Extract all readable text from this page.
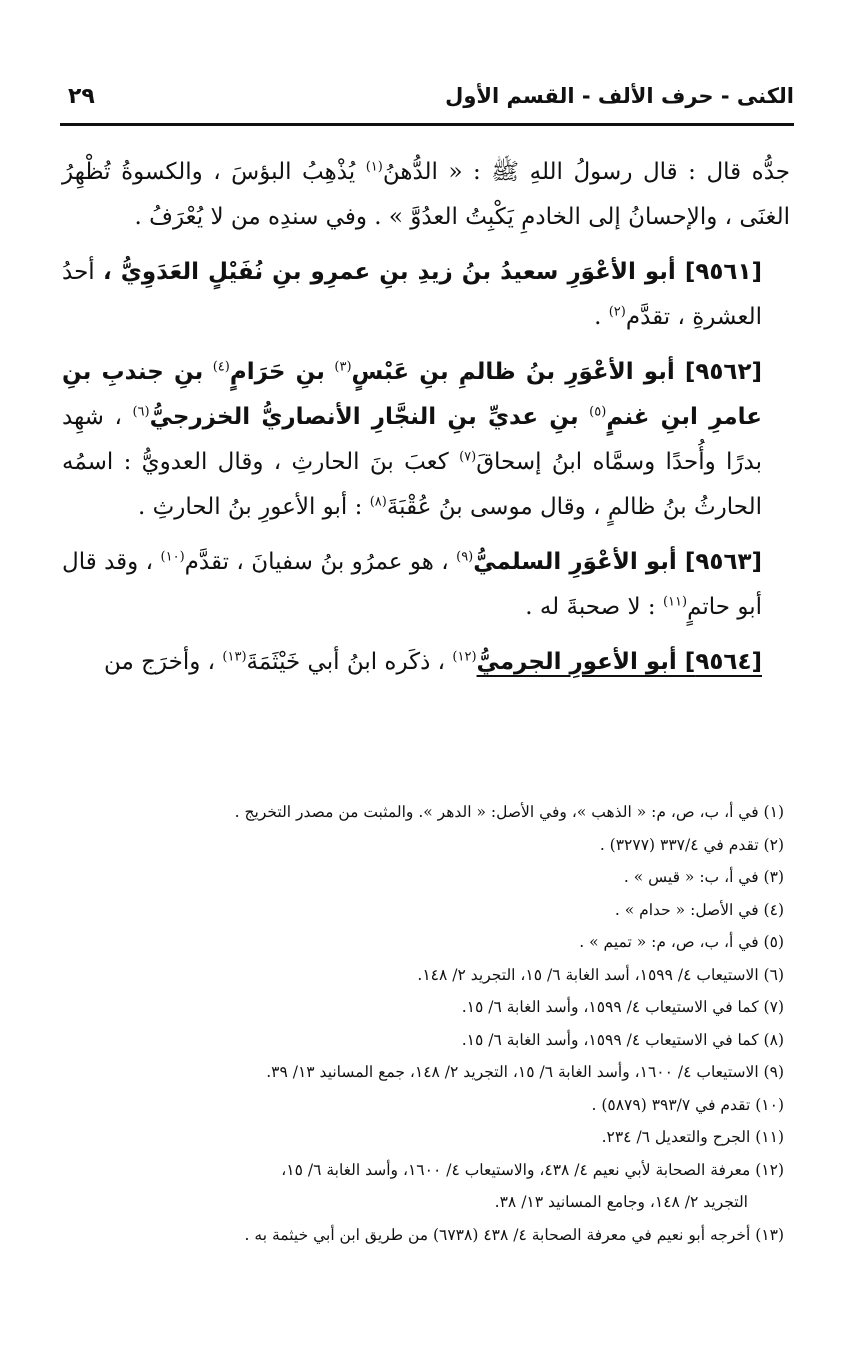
الكنى - حرف الألف - القسم الأول
٢٩

جدُّه قال : قال رسولُ اللهِ ﷺ : « الدُّهنُ$^{(١)}$ يُذْهِبُ البؤسَ ، والكسوةُ تُظْهِرُ الغنَى ، والإحسانُ إلى الخادمِ يَكْبِتُ العدُوَّ » . وفي سندِه من لا يُعْرَفُ .

[٩٥٦١] أبو الأعْوَرِ سعيدُ بنُ زيدِ بنِ عمرِو بنِ نُفَيْلٍ العَدَوِيُّ ، أحدُ العشرةِ ، تقدَّم$^{(٢)}$ .

[٩٥٦٢] أبو الأعْوَرِ بنُ ظالمِ بنِ عَبْسٍ$^{(٣)}$ بنِ حَرَامٍ$^{(٤)}$ بنِ جندبِ بنِ عامرِ ابنِ غنمٍ$^{(٥)}$ بنِ عديِّ بنِ النجَّارِ الأنصاريُّ الخزرجيُّ$^{(٦)}$ ، شهِد بدرًا وأُحدًا وسمَّاه ابنُ إسحاقَ$^{(٧)}$ كعبَ بنَ الحارثِ ، وقال العدويُّ : اسمُه الحارثُ بنُ ظالمٍ ، وقال موسى بنُ عُقْبَةَ$^{(٨)}$ : أبو الأعورِ بنُ الحارثِ .

[٩٥٦٣] أبو الأعْوَرِ السلميُّ$^{(٩)}$ ، هو عمرُو بنُ سفيانَ ، تقدَّم$^{(١٠)}$ ، وقد قال أبو حاتمٍ$^{(١١)}$ : لا صحبةَ له .

[٩٥٦٤] أبو الأعورِ الجرميُّ$^{(١٢)}$ ، ذكَره ابنُ أبي خَيْثَمَةَ$^{(١٣)}$ ، وأخرَج من

(١) في أ، ب، ص، م: « الذهب »، وفي الأصل: « الدهر ». والمثبت من مصدر التخريج .

(٢) تقدم في ٣٣٧/٤ (٣٢٧٧) .

(٣) في أ، ب: « قيس » .

(٤) في الأصل: « حدام » .

(٥) في أ، ب، ص، م: « تميم » .

(٦) الاستيعاب ٤/ ١٥٩٩، أسد الغابة ٦/ ١٥، التجريد ٢/ ١٤٨.

(٧) كما في الاستيعاب ٤/ ١٥٩٩، وأسد الغابة ٦/ ١٥.

(٨) كما في الاستيعاب ٤/ ١٥٩٩، وأسد الغابة ٦/ ١٥.

(٩) الاستيعاب ٤/ ١٦٠٠، وأسد الغابة ٦/ ١٥، التجريد ٢/ ١٤٨، جمع المسانيد ١٣/ ٣٩.

(١٠) تقدم في ٣٩٣/٧ (٥٨٧٩) .

(١١) الجرح والتعديل ٦/ ٢٣٤.

(١٢) معرفة الصحابة لأبي نعيم ٤/ ٤٣٨، والاستيعاب ٤/ ١٦٠٠، وأسد الغابة ٦/ ١٥،
التجريد ٢/ ١٤٨، وجامع المسانيد ١٣/ ٣٨.

(١٣) أخرجه أبو نعيم في معرفة الصحابة ٤/ ٤٣٨ (٦٧٣٨) من طريق ابن أبي خيثمة به .
